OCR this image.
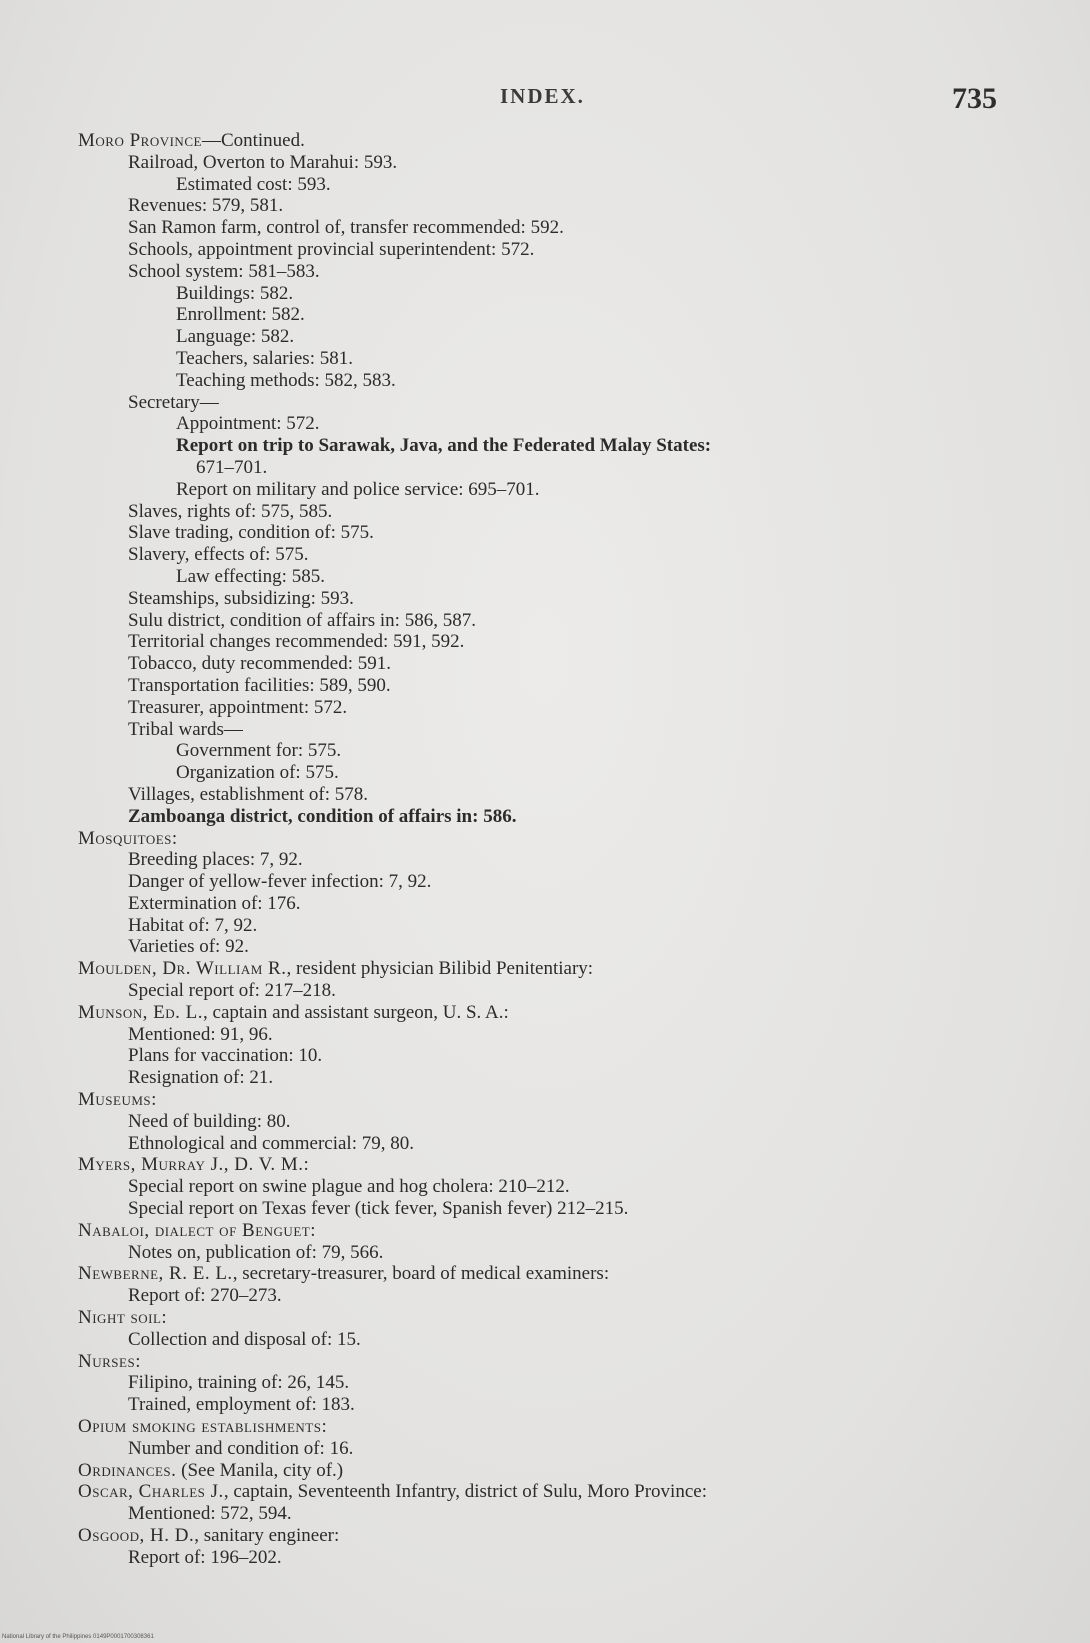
INDEX.	735
Moro Province—Continued.
Railroad, Overton to Marahui: 593.
Estimated cost: 593.
Revenues: 579, 581.
San Ramon farm, control of, transfer recommended: 592.
Schools, appointment provincial superintendent: 572.
School system: 581–583.
Buildings: 582.
Enrollment: 582.
Language: 582.
Teachers, salaries: 581.
Teaching methods: 582, 583.
Secretary—
Appointment: 572.
Report on trip to Sarawak, Java, and the Federated Malay States:
671–701.
Report on military and police service: 695–701.
Slaves, rights of: 575, 585.
Slave trading, condition of: 575.
Slavery, effects of: 575.
Law effecting: 585.
Steamships, subsidizing: 593.
Sulu district, condition of affairs in: 586, 587.
Territorial changes recommended: 591, 592.
Tobacco, duty recommended: 591.
Transportation facilities: 589, 590.
Treasurer, appointment: 572.
Tribal wards—
Government for: 575.
Organization of: 575.
Villages, establishment of: 578.
Zamboanga district, condition of affairs in: 586.
Mosquitoes:
Breeding places: 7, 92.
Danger of yellow-fever infection: 7, 92.
Extermination of: 176.
Habitat of: 7, 92.
Varieties of: 92.
Moulden, Dr. William R., resident physician Bilibid Penitentiary:
Special report of: 217–218.
Munson, Ed. L., captain and assistant surgeon, U. S. A.:
Mentioned: 91, 96.
Plans for vaccination: 10.
Resignation of: 21.
Museums:
Need of building: 80.
Ethnological and commercial: 79, 80.
Myers, Murray J., D. V. M.:
Special report on swine plague and hog cholera: 210–212.
Special report on Texas fever (tick fever, Spanish fever) 212–215.
Nabaloi, dialect of Benguet:
Notes on, publication of: 79, 566.
Newberne, R. E. L., secretary-treasurer, board of medical examiners:
Report of: 270–273.
Night soil:
Collection and disposal of: 15.
Nurses:
Filipino, training of: 26, 145.
Trained, employment of: 183.
Opium smoking establishments:
Number and condition of: 16.
Ordinances. (See Manila, city of.)
Oscar, Charles J., captain, Seventeenth Infantry, district of Sulu, Moro Province:
Mentioned: 572, 594.
Osgood, H. D., sanitary engineer:
Report of: 196–202.
National Library of the Philippines 0149P0001700308361
